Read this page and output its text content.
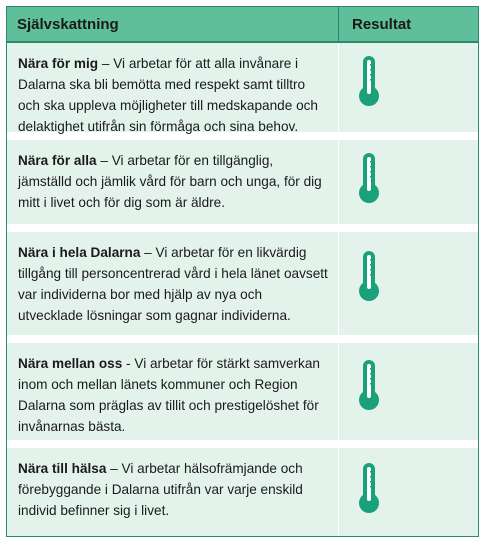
Självskattning	Resultat
Nära för mig – Vi arbetar för att alla invånare i Dalarna ska bli bemötta med respekt samt tilltro och ska uppleva möjligheter till medskapande och delaktighet utifrån sin förmåga och sina behov.
Nära för alla – Vi arbetar för en tillgänglig, jämställd och jämlik vård för barn och unga, för dig mitt i livet och för dig som är äldre.
Nära i hela Dalarna – Vi arbetar för en likvärdig tillgång till personcentrerad vård i hela länet oavsett var individerna bor med hjälp av nya och utvecklade lösningar som gagnar individerna.
Nära mellan oss - Vi arbetar för stärkt samverkan inom och mellan länets kommuner och Region Dalarna som präglas av tillit och prestigelöshet för invånarnas bästa.
Nära till hälsa – Vi arbetar hälsofrämjande och förebyggande i Dalarna utifrån var varje enskild individ befinner sig i livet.
